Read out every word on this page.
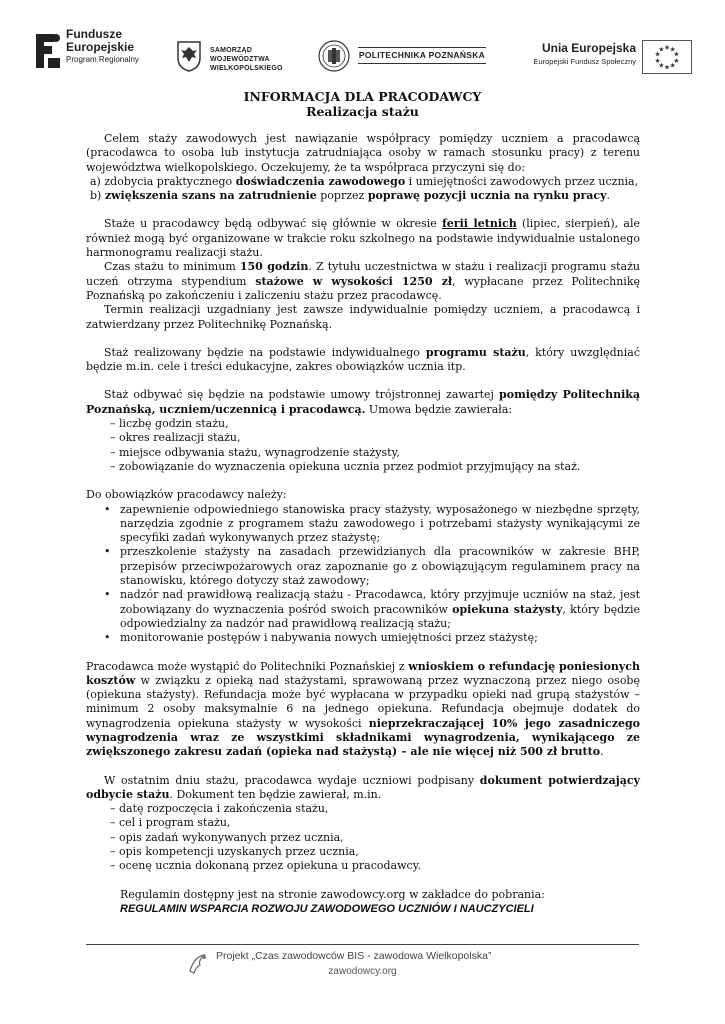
Fundusze
Europejskie
Program Regionalny
SAMORZĄD WOJEWÓDZTWA
WIELKOPOLSKIEGO
POLITECHNIKA POZNAŃSKA	Unia Europejska
Europejski Fundusz Społeczny
INFORMACJA DLA PRACODAWCY
Realizacja stażu

Celem staży zawodowych jest nawiązanie współpracy pomiędzy uczniem a pracodawcą (pracodawca to osoba lub instytucja zatrudniająca osoby w ramach stosunku pracy) z terenu województwa wielkopolskiego. Oczekujemy, że ta współpraca przyczyni się do:

a) zdobycia praktycznego doświadczenia zawodowego i umiejętności zawodowych przez ucznia,

b) zwiększenia szans na zatrudnienie poprzez poprawę pozycji ucznia na rynku pracy.

Staże u pracodawcy będą odbywać się głównie w okresie ferii letnich (lipiec, sierpień), ale również mogą być organizowane w trakcie roku szkolnego na podstawie indywidualnie ustalonego harmonogramu realizacji stażu.

Czas stażu to minimum 150 godzin. Z tytułu uczestnictwa w stażu i realizacji programu stażu uczeń otrzyma stypendium stażowe w wysokości 1250 zł, wypłacane przez Politechnikę Poznańską po zakończeniu i zaliczeniu stażu przez pracodawcę.

Termin realizacji uzgadniany jest zawsze indywidualnie pomiędzy uczniem, a pracodawcą i zatwierdzany przez Politechnikę Poznańską.

Staż realizowany będzie na podstawie indywidualnego programu stażu, który uwzględniać będzie m.in. cele i treści edukacyjne, zakres obowiązków ucznia itp.

Staż odbywać się będzie na podstawie umowy trójstronnej zawartej pomiędzy Politechniką Poznańską, uczniem/uczennicą i pracodawcą. Umowa będzie zawierała:

– liczbę godzin stażu,

– okres realizacji stażu,

– miejsce odbywania stażu, wynagrodzenie stażysty,

– zobowiązanie do wyznaczenia opiekuna ucznia przez podmiot przyjmujący na staż.

Do obowiązków pracodawcy należy:

• zapewnienie odpowiedniego stanowiska pracy stażysty, wyposażonego w niezbędne sprzęty, narzędzia zgodnie z programem stażu zawodowego i potrzebami stażysty wynikającymi ze specyfiki zadań wykonywanych przez stażystę;
• przeszkolenie stażysty na zasadach przewidzianych dla pracowników w zakresie BHP, przepisów przeciwpożarowych oraz zapoznanie go z obowiązującym regulaminem pracy na stanowisku, którego dotyczy staż zawodowy;
• nadzór nad prawidłową realizacją stażu - Pracodawca, który przyjmuje uczniów na staż, jest zobowiązany do wyznaczenia pośród swoich pracowników opiekuna stażysty, który będzie odpowiedzialny za nadzór nad prawidłową realizacją stażu;
• monitorowanie postępów i nabywania nowych umiejętności przez stażystę;

Pracodawca może wystąpić do Politechniki Poznańskiej z wnioskiem o refundację poniesionych kosztów w związku z opieką nad stażystami, sprawowaną przez wyznaczoną przez niego osobę (opiekuna stażysty). Refundacja może być wypłacana w przypadku opieki nad grupą stażystów – minimum 2 osoby maksymalnie 6 na jednego opiekuna. Refundacja obejmuje dodatek do wynagrodzenia opiekuna stażysty w wysokości nieprzekraczającej 10% jego zasadniczego wynagrodzenia wraz ze wszystkimi składnikami wynagrodzenia, wynikającego ze zwiększonego zakresu zadań (opieka nad stażystą) – ale nie więcej niż 500 zł brutto.

W ostatnim dniu stażu, pracodawca wydaje uczniowi podpisany dokument potwierdzający odbycie stażu. Dokument ten będzie zawierał, m.in.

– datę rozpoczęcia i zakończenia stażu,

– cel i program stażu,

– opis zadań wykonywanych przez ucznia,

– opis kompetencji uzyskanych przez ucznia,

– ocenę ucznia dokonaną przez opiekuna u pracodawcy.

Regulamin dostępny jest na stronie zawodowcy.org w zakładce do pobrania:

REGULAMIN WSPARCIA ROZWOJU ZAWODOWEGO UCZNIÓW I NAUCZYCIELI

Projekt „Czas zawodowców BIS - zawodowa Wielkopolska”
zawodowcy.org
